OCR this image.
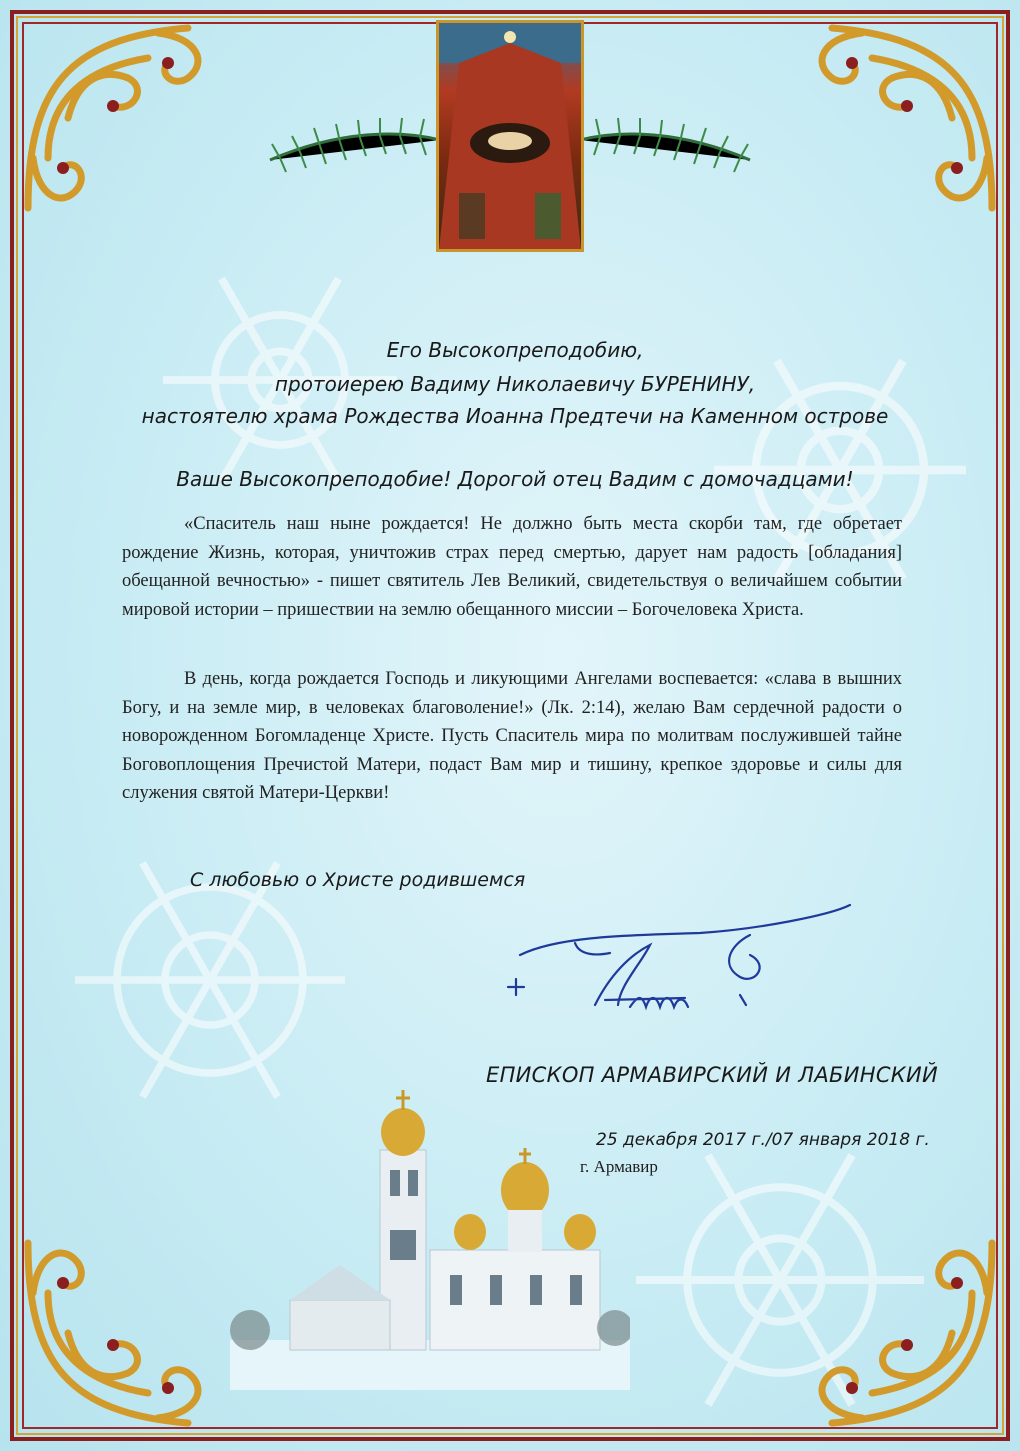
Его Высокопреподобию,
протоиерею Вадиму Николаевичу БУРЕНИНУ,
настоятелю храма Рождества Иоанна Предтечи на Каменном острове
Ваше Высокопреподобие! Дорогой отец Вадим с домочадцами!
«Спаситель наш ныне рождается! Не должно быть места скорби там, где обретает рождение Жизнь, которая, уничтожив страх перед смертью, дарует нам радость [обладания] обещанной вечностью» - пишет святитель Лев Великий, свидетельствуя о величайшем событии мировой истории – пришествии на землю обещанного миссии – Богочеловека Христа.
В день, когда рождается Господь и ликующими Ангелами воспевается: «слава в вышних Богу, и на земле мир, в человеках благоволение!» (Лк. 2:14), желаю Вам сердечной радости о новорожденном Богомладенце Христе. Пусть Спаситель мира по молитвам послужившей тайне Боговоплощения Пречистой Матери, подаст Вам мир и тишину, крепкое здоровье и силы для служения святой Матери-Церкви!
С любовью о Христе родившемся
ЕПИСКОП АРМАВИРСКИЙ И ЛАБИНСКИЙ
25 декабря 2017 г./07 января 2018 г.
г. Армавир
